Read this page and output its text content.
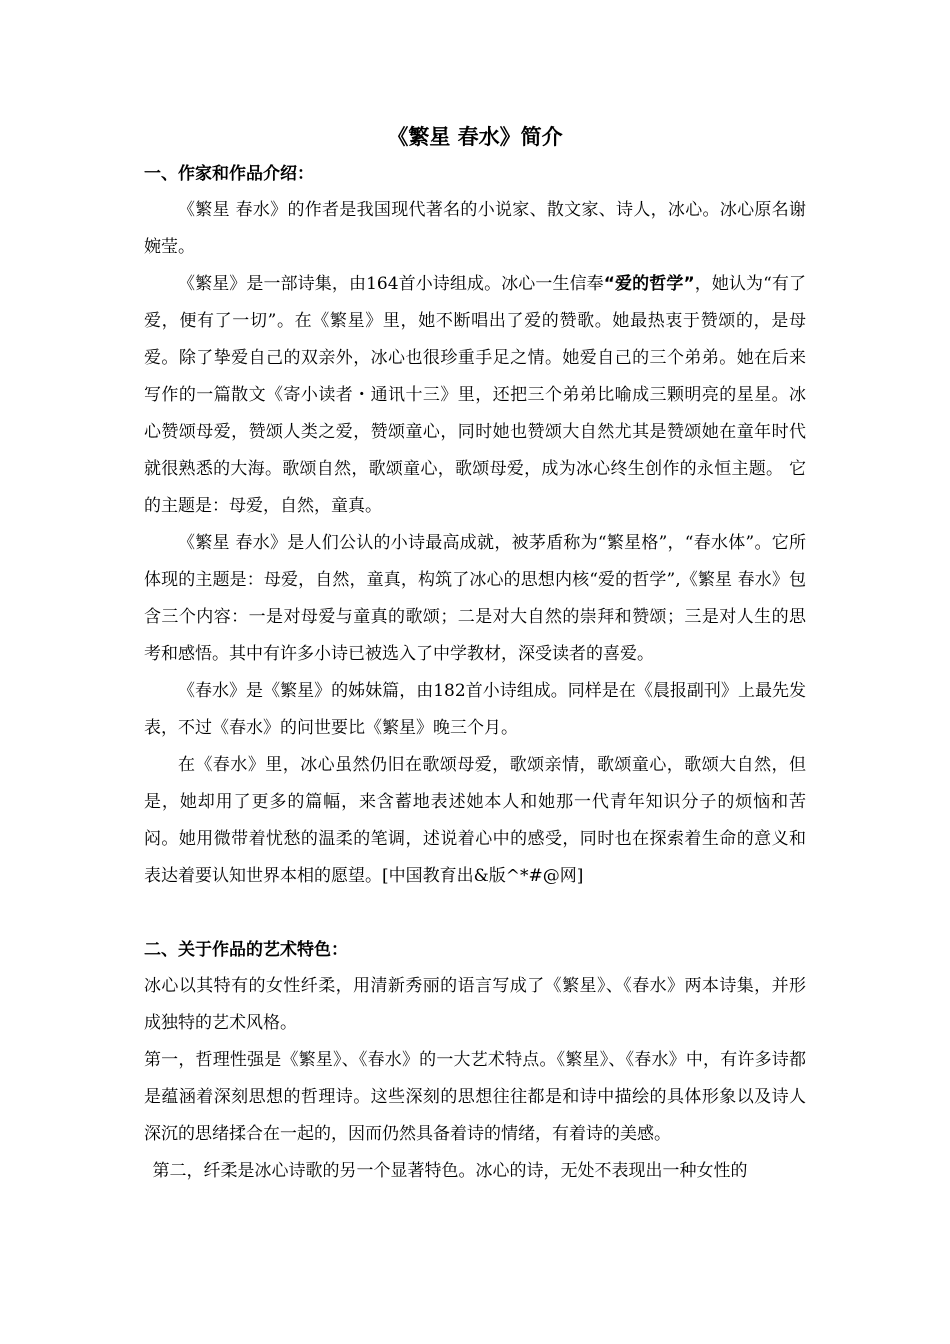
《繁星 春水》简介
一、作家和作品介绍：

《繁星 春水》的作者是我国现代著名的小说家、散文家、诗人，冰心。冰心原名谢婉莹。

《繁星》是一部诗集，由164首小诗组成。冰心一生信奉“爱的哲学”，她认为“有了爱，便有了一切”。在《繁星》里，她不断唱出了爱的赞歌。她最热衷于赞颂的，是母爱。除了挚爱自己的双亲外，冰心也很珍重手足之情。她爱自己的三个弟弟。她在后来写作的一篇散文《寄小读者・通讯十三》里，还把三个弟弟比喻成三颗明亮的星星。冰心赞颂母爱，赞颂人类之爱，赞颂童心，同时她也赞颂大自然尤其是赞颂她在童年时代就很熟悉的大海。歌颂自然，歌颂童心，歌颂母爱，成为冰心终生创作的永恒主题。 它的主题是：母爱，自然，童真。

《繁星 春水》是人们公认的小诗最高成就，被茅盾称为“繁星格”，“春水体”。它所体现的主题是：母爱，自然，童真，构筑了冰心的思想内核“爱的哲学”,《繁星 春水》包含三个内容：一是对母爱与童真的歌颂；二是对大自然的崇拜和赞颂；三是对人生的思考和感悟。其中有许多小诗已被选入了中学教材，深受读者的喜爱。

《春水》是《繁星》的姊妹篇，由182首小诗组成。同样是在《晨报副刊》上最先发表，不过《春水》的问世要比《繁星》晚三个月。

在《春水》里，冰心虽然仍旧在歌颂母爱，歌颂亲情，歌颂童心，歌颂大自然，但是，她却用了更多的篇幅，来含蓄地表述她本人和她那一代青年知识分子的烦恼和苦闷。她用微带着忧愁的温柔的笔调，述说着心中的感受，同时也在探索着生命的意义和表达着要认知世界本相的愿望。[中国教育出&版^*#@网]

二、关于作品的艺术特色：

冰心以其特有的女性纤柔，用清新秀丽的语言写成了《繁星》、《春水》两本诗集，并形成独特的艺术风格。

第一，哲理性强是《繁星》、《春水》的一大艺术特点。《繁星》、《春水》中，有许多诗都是蕴涵着深刻思想的哲理诗。这些深刻的思想往往都是和诗中描绘的具体形象以及诗人深沉的思绪揉合在一起的，因而仍然具备着诗的情绪，有着诗的美感。

第二，纤柔是冰心诗歌的另一个显著特色。冰心的诗，无处不表现出一种女性的
